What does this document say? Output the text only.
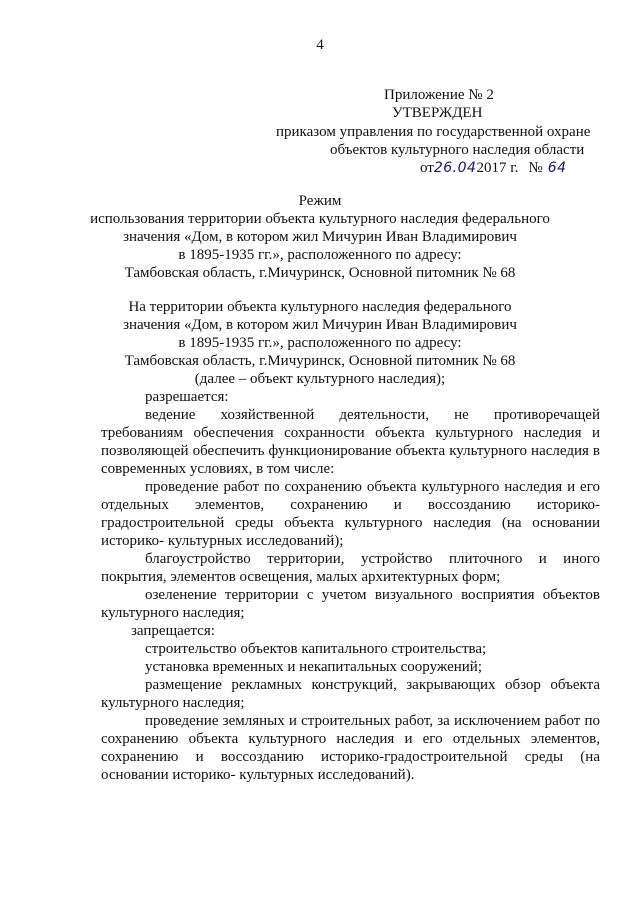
4
Приложение № 2
УТВЕРЖДЕН
приказом управления по государственной охране
объектов культурного наследия области
от26.042017 г. № 64
Режим
использования территории объекта культурного наследия федерального
значения «Дом, в котором жил Мичурин Иван Владимирович
в 1895-1935 гг.», расположенного по адресу:
Тамбовская область, г.Мичуринск, Основной питомник № 68
На территории объекта культурного наследия федерального
значения «Дом, в котором жил Мичурин Иван Владимирович
в 1895-1935 гг.», расположенного по адресу:
Тамбовская область, г.Мичуринск, Основной питомник № 68
(далее – объект культурного наследия);
разрешается:
ведение хозяйственной деятельности, не противоречащей
требованиям обеспечения сохранности объекта культурного наследия и
позволяющей обеспечить функционирование объекта культурного наследия в
современных условиях, в том числе:
проведение работ по сохранению объекта культурного наследия и его
отдельных элементов, сохранению и воссозданию историко-
градостроительной среды объекта культурного наследия (на основании
историко- культурных исследований);
благоустройство территории, устройство плиточного и иного
покрытия, элементов освещения, малых архитектурных форм;
озеленение территории с учетом визуального восприятия объектов
культурного наследия;
запрещается:
строительство объектов капитального строительства;
установка временных и некапитальных сооружений;
размещение рекламных конструкций, закрывающих обзор объекта
культурного наследия;
проведение земляных и строительных работ, за исключением работ по
сохранению объекта культурного наследия и его отдельных элементов,
сохранению и воссозданию историко-градостроительной среды (на
основании историко- культурных исследований).
